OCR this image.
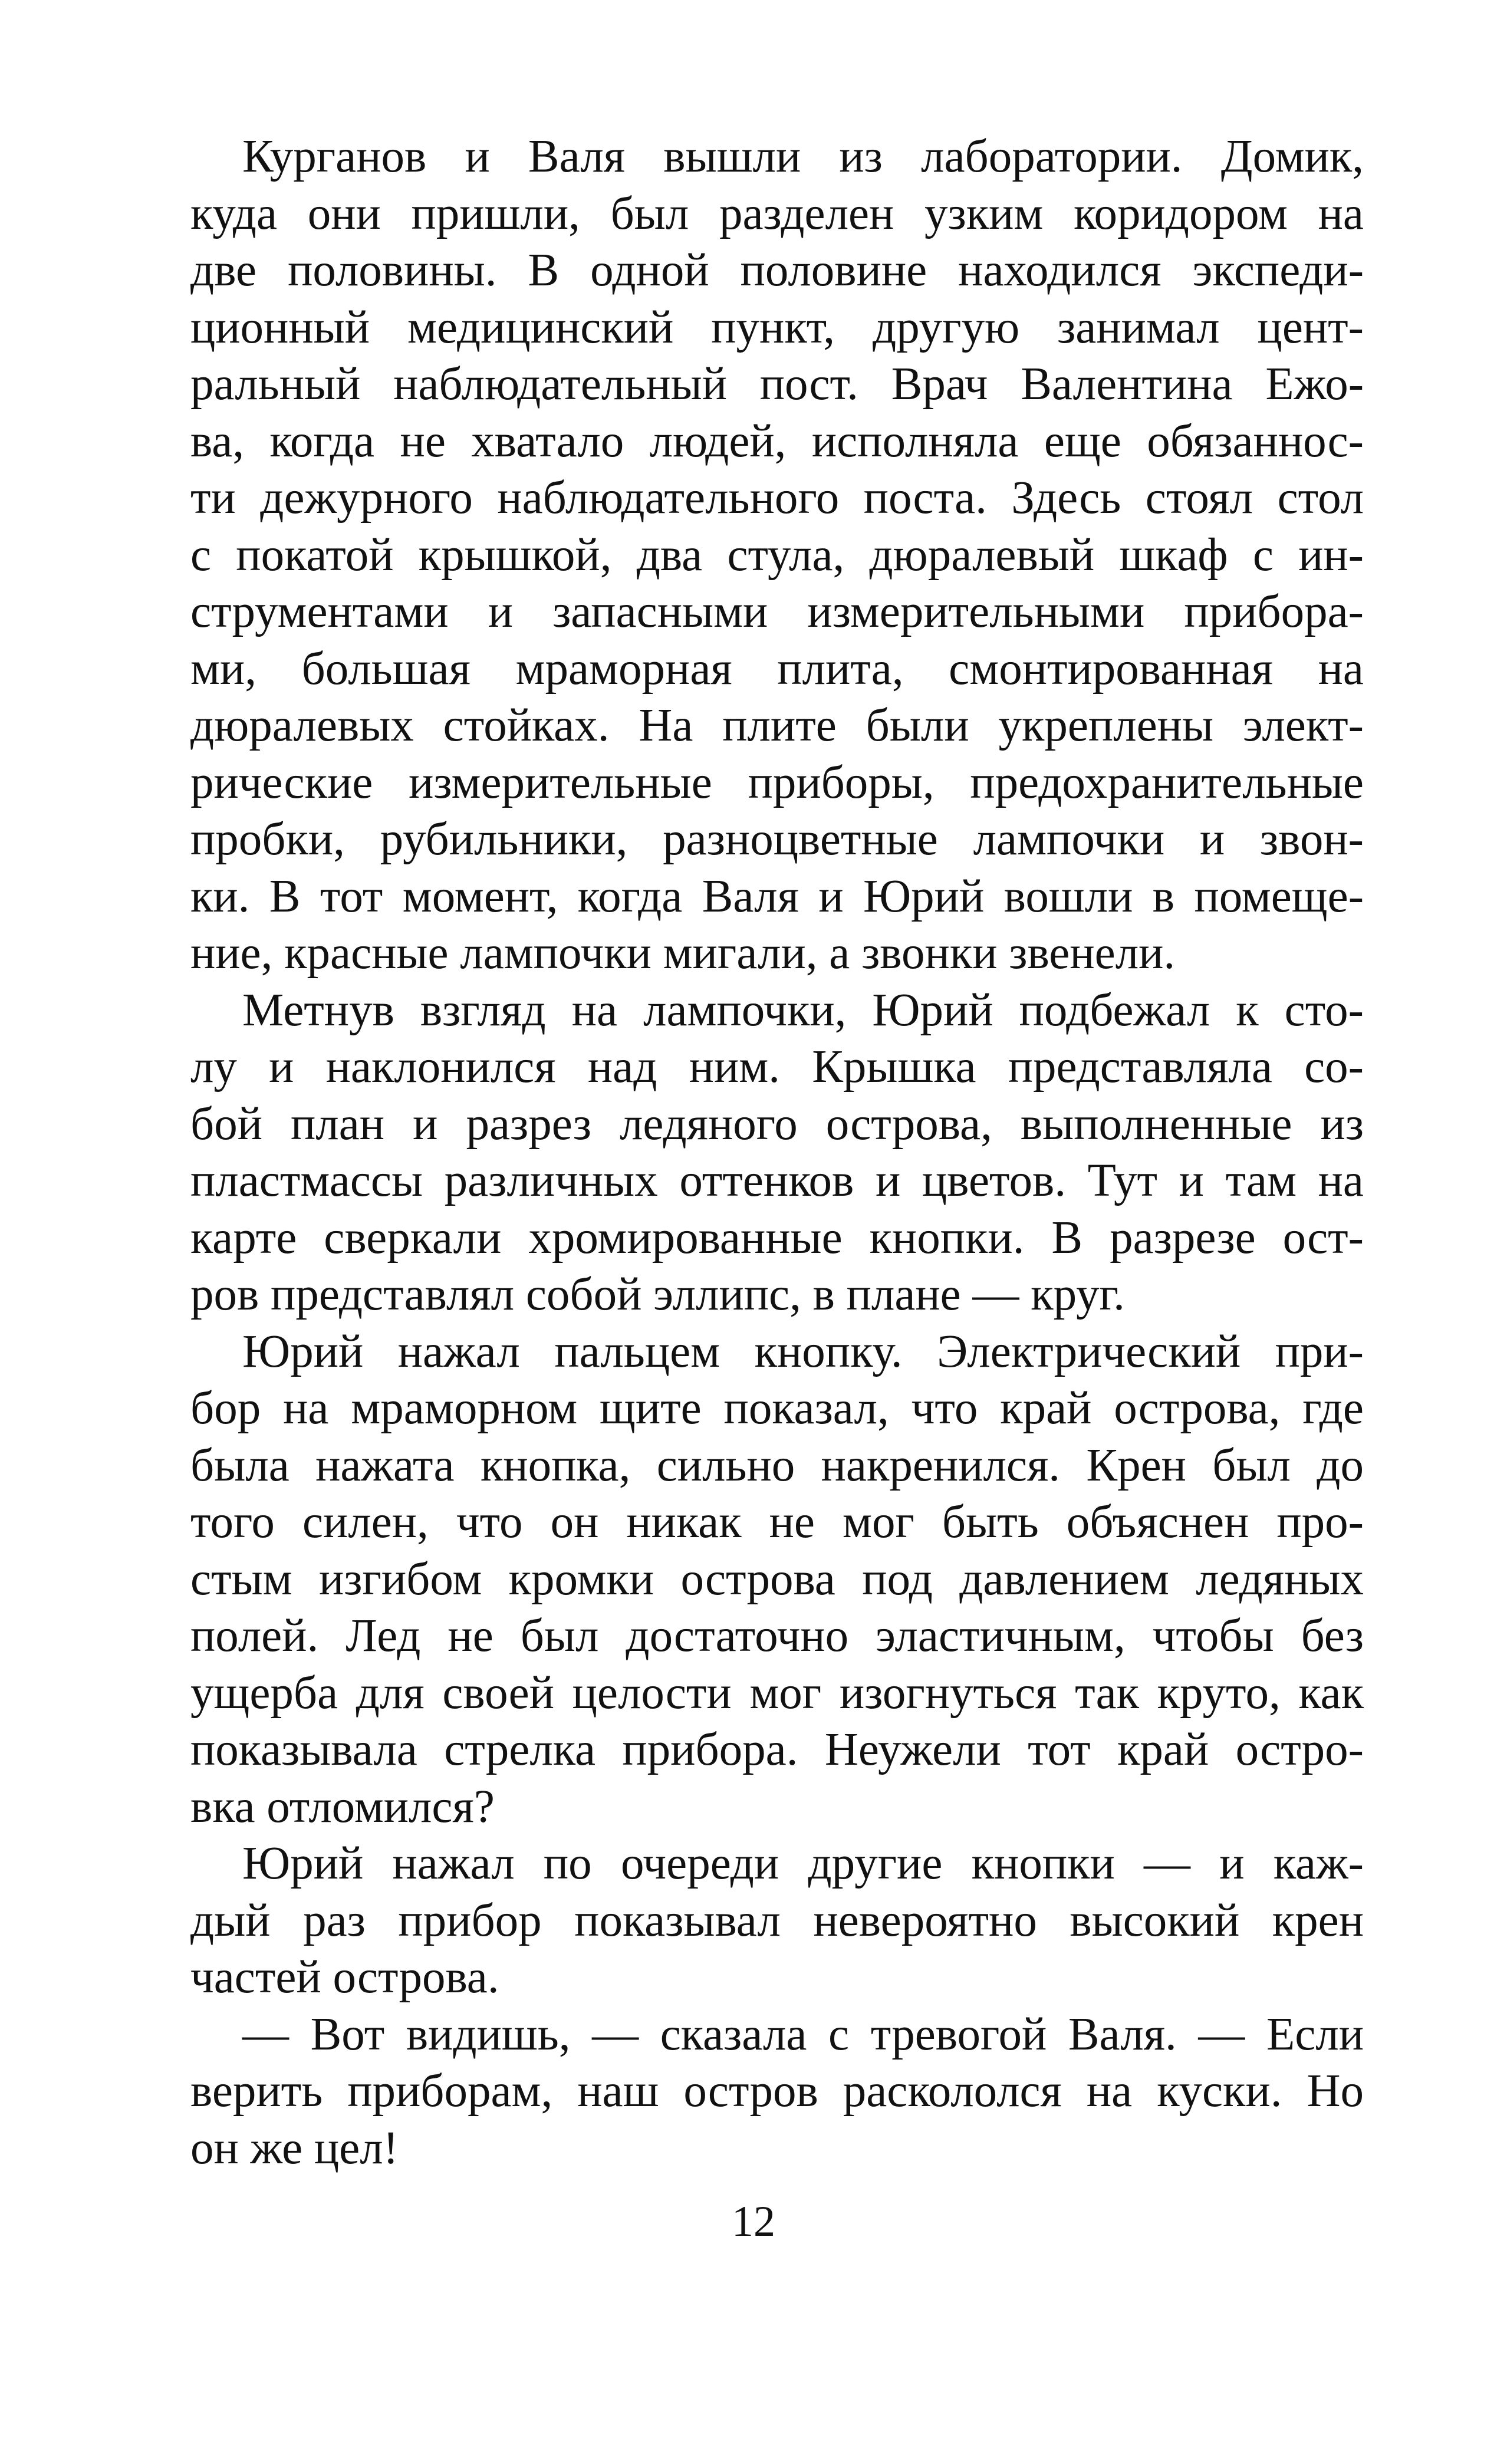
Курганов и Валя вышли из лаборатории. Домик,
куда они пришли, был разделен узким коридором на
две половины. В одной половине находился экспеди-
ционный медицинский пункт, другую занимал цент-
ральный наблюдательный пост. Врач Валентина Ежо-
ва, когда не хватало людей, исполняла еще обязаннос-
ти дежурного наблюдательного поста. Здесь стоял стол
с покатой крышкой, два стула, дюралевый шкаф с ин-
струментами и запасными измерительными прибора-
ми, большая мраморная плита, смонтированная на
дюралевых стойках. На плите были укреплены элект-
рические измерительные приборы, предохранительные
пробки, рубильники, разноцветные лампочки и звон-
ки. В тот момент, когда Валя и Юрий вошли в помеще-
ние, красные лампочки мигали, а звонки звенели.
Метнув взгляд на лампочки, Юрий подбежал к сто-
лу и наклонился над ним. Крышка представляла со-
бой план и разрез ледяного острова, выполненные из
пластмассы различных оттенков и цветов. Тут и там на
карте сверкали хромированные кнопки. В разрезе ост-
ров представлял собой эллипс, в плане — круг.
Юрий нажал пальцем кнопку. Электрический при-
бор на мраморном щите показал, что край острова, где
была нажата кнопка, сильно накренился. Крен был до
того силен, что он никак не мог быть объяснен про-
стым изгибом кромки острова под давлением ледяных
полей. Лед не был достаточно эластичным, чтобы без
ущерба для своей целости мог изогнуться так круто, как
показывала стрелка прибора. Неужели тот край остро-
вка отломился?
Юрий нажал по очереди другие кнопки — и каж-
дый раз прибор показывал невероятно высокий крен
частей острова.
— Вот видишь, — сказала с тревогой Валя. — Если
верить приборам, наш остров раскололся на куски. Но
он же цел!
12
